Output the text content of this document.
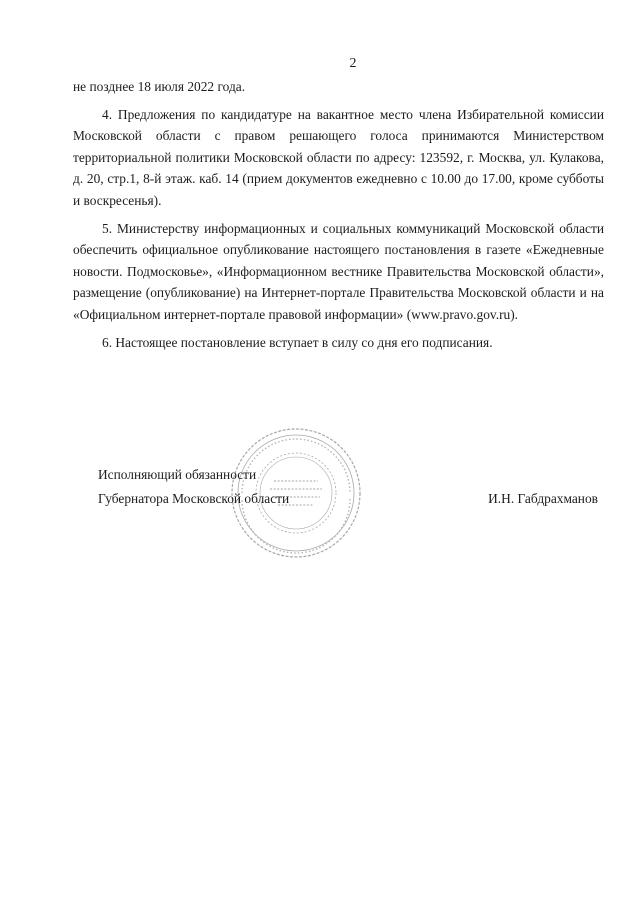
2

не позднее 18 июля 2022 года.

4. Предложения по кандидатуре на вакантное место члена Избирательной комиссии Московской области с правом решающего голоса принимаются Министерством территориальной политики Московской области по адресу: 123592, г. Москва, ул. Кулакова, д. 20, стр.1, 8-й этаж. каб. 14 (прием документов ежедневно с 10.00 до 17.00, кроме субботы и воскресенья).

5. Министерству информационных и социальных коммуникаций Московской области обеспечить официальное опубликование настоящего постановления в газете «Ежедневные новости. Подмосковье», «Информационном вестнике Правительства Московской области», размещение (опубликование) на Интернет-портале Правительства Московской области и на «Официальном интернет-портале правовой информации» (www.pravo.gov.ru).

6. Настоящее постановление вступает в силу со дня его подписания.

Исполняющий обязанности
Губернатора Московской области	И.Н. Габдрахманов
